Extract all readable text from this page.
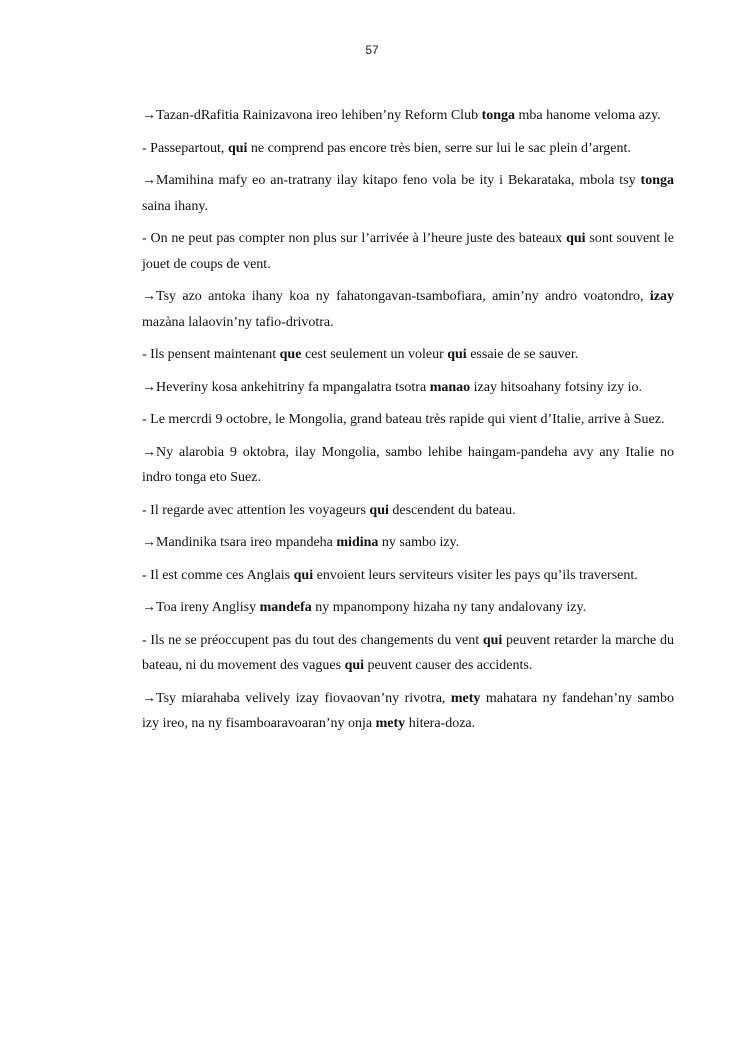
57

→Tazan-dRafitia Rainizavona ireo lehiben’ny Reform Club tonga mba hanome veloma azy.

- Passepartout, qui ne comprend pas encore très bien, serre sur lui le sac plein d’argent.

→Mamihina mafy eo an-tratrany ilay kitapo feno vola be ity i Bekarataka, mbola tsy tonga saina ihany.

- On ne peut pas compter non plus sur l’arrivée à l’heure juste des bateaux qui sont souvent le jouet de coups de vent.

→Tsy azo antoka ihany koa ny fahatongavan-tsambofiara, amin’ny andro voatondro, izay mazàna lalaovin’ny tafio-drivotra.

- Ils pensent maintenant que cest seulement un voleur qui essaie de se sauver.

→Heveriny kosa ankehitriny fa mpangalatra tsotra manao izay hitsoahany fotsiny izy io.

- Le mercrdi 9 octobre, le Mongolia, grand bateau très rapide qui vient d’Italie, arrive à Suez.

→Ny alarobia 9 oktobra, ilay Mongolia, sambo lehibe haingam-pandeha avy any Italie no indro tonga eto Suez.

- Il regarde avec attention les voyageurs qui descendent du bateau.

→Mandinika tsara ireo mpandeha midina ny sambo izy.

- Il est comme ces Anglais qui envoient leurs serviteurs visiter les pays qu’ils traversent.

→Toa ireny Anglisy mandefa ny mpanompony hizaha ny tany andalovany izy.

- Ils ne se préoccupent pas du tout des changements du vent qui peuvent retarder la marche du bateau, ni du movement des vagues qui peuvent causer des accidents.

→Tsy miarahaba velively izay fiovaovan’ny rivotra, mety mahatara ny fandehan’ny sambo izy ireo, na ny fisamboaravoaran’ny onja mety hitera-doza.
